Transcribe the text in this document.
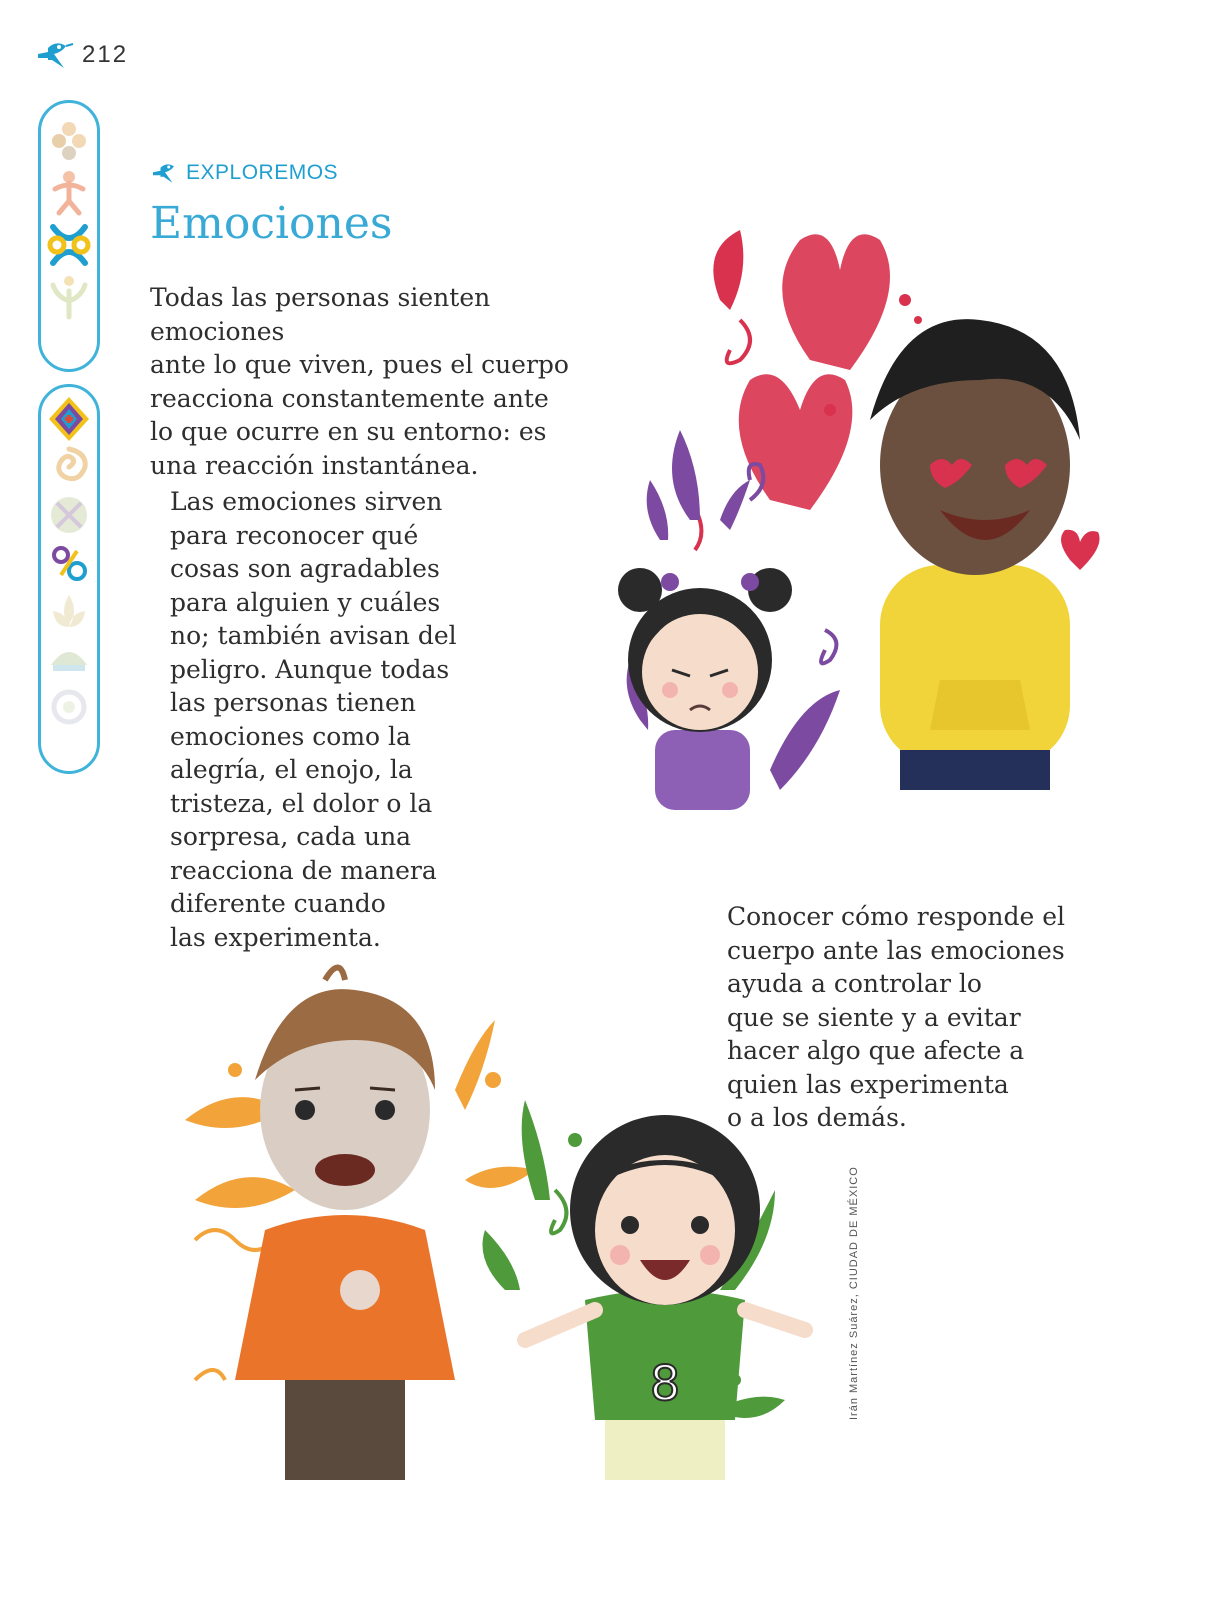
212
EXPLOREMOS
Emociones

Todas las personas sienten emociones
ante lo que viven, pues el cuerpo
reacciona constantemente ante
lo que ocurre en su entorno: es
una reacción instantánea.

Las emociones sirven
para reconocer qué
cosas son agradables
para alguien y cuáles
no; también avisan del
peligro. Aunque todas
las personas tienen
emociones como la
alegría, el enojo, la
tristeza, el dolor o la
sorpresa, cada una
reacciona de manera
diferente cuando
las experimenta.

Conocer cómo responde el
cuerpo ante las emociones
ayuda a controlar lo
que se siente y a evitar
hacer algo que afecte a
quien las experimenta
o a los demás.

8	Irán Martínez Suárez, CIUDAD DE MÉXICO
